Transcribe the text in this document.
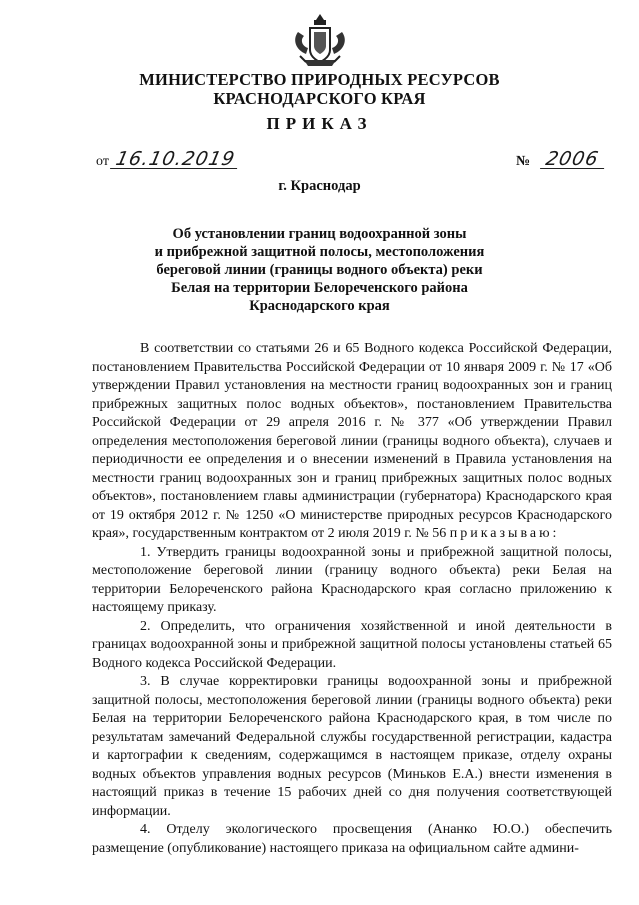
МИНИСТЕРСТВО ПРИРОДНЫХ РЕСУРСОВ
КРАСНОДАРСКОГО КРАЯ
ПРИКАЗ
от 16.10.2019	№ 2006
г. Краснодар
Об установлении границ водоохранной зоны
и прибрежной защитной полосы, местоположения
береговой линии (границы водного объекта) реки
Белая на территории Белореченского района
Краснодарского края

В соответствии со статьями 26 и 65 Водного кодекса Российской Федерации, постановлением Правительства Российской Федерации от 10 января 2009 г. № 17 «Об утверждении Правил установления на местности границ водоохранных зон и границ прибрежных защитных полос водных объектов», постановлением Правительства Российской Федерации от 29 апреля 2016 г. № 377 «Об утверждении Правил определения местоположения береговой линии (границы водного объекта), случаев и периодичности ее определения и о внесении изменений в Правила установления на местности границ водоохранных зон и границ прибрежных защитных полос водных объектов», постановлением главы администрации (губернатора) Краснодарского края от 19 октября 2012 г. № 1250 «О министерстве природных ресурсов Краснодарского края», государственным контрактом от 2 июля 2019 г. № 56 приказываю:

1. Утвердить границы водоохранной зоны и прибрежной защитной полосы, местоположение береговой линии (границу водного объекта) реки Белая на территории Белореченского района Краснодарского края согласно приложению к настоящему приказу.

2. Определить, что ограничения хозяйственной и иной деятельности в границах водоохранной зоны и прибрежной защитной полосы установлены статьей 65 Водного кодекса Российской Федерации.

3. В случае корректировки границы водоохранной зоны и прибрежной защитной полосы, местоположения береговой линии (границы водного объекта) реки Белая на территории Белореченского района Краснодарского края, в том числе по результатам замечаний Федеральной службы государственной регистрации, кадастра и картографии к сведениям, содержащимся в настоящем приказе, отделу охраны водных объектов управления водных ресурсов (Миньков Е.А.) внести изменения в настоящий приказ в течение 15 рабочих дней со дня получения соответствующей информации.

4. Отделу экологического просвещения (Ананко Ю.О.) обеспечить размещение (опубликование) настоящего приказа на официальном сайте админи-
